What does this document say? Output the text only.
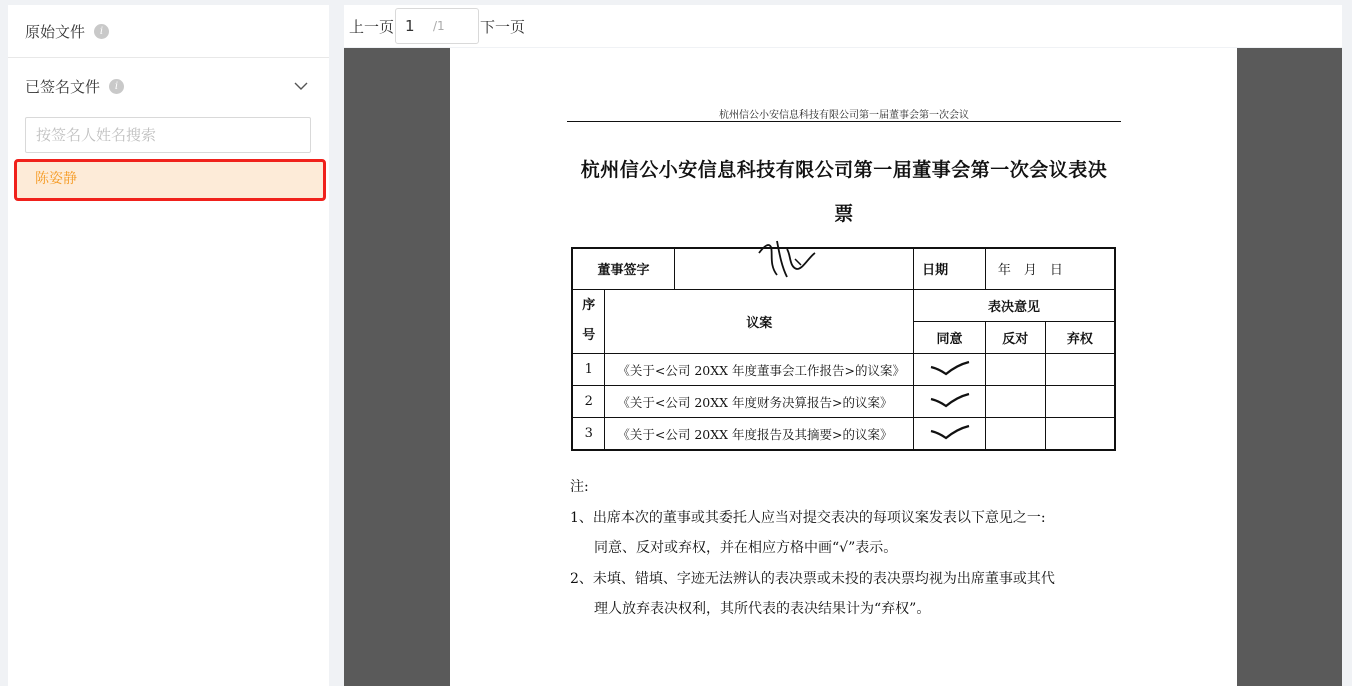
原始文件	i
已签名文件	i
按签名人姓名搜索
陈姿静
上一页 1	/1 下一页
杭州信公小安信息科技有限公司第一届董事会第一次会议
杭州信公小安信息科技有限公司第一届董事会第一次会议表决
票
董事签字			日期	年　月　日	

序
号	议案		表决意见		
			同意	反对	弃权
1	《关于<公司 20XX 年度董事会工作报告>的议案》			
2	《关于<公司 20XX 年度财务决算报告>的议案》			
3	《关于<公司 20XX 年度报告及其摘要>的议案》			
注:
1、出席本次的董事或其委托人应当对提交表决的每项议案发表以下意见之一:
同意、反对或弃权，并在相应方格中画“√”表示。
2、未填、错填、字迹无法辨认的表决票或未投的表决票均视为出席董事或其代
理人放弃表决权利，其所代表的表决结果计为“弃权”。
